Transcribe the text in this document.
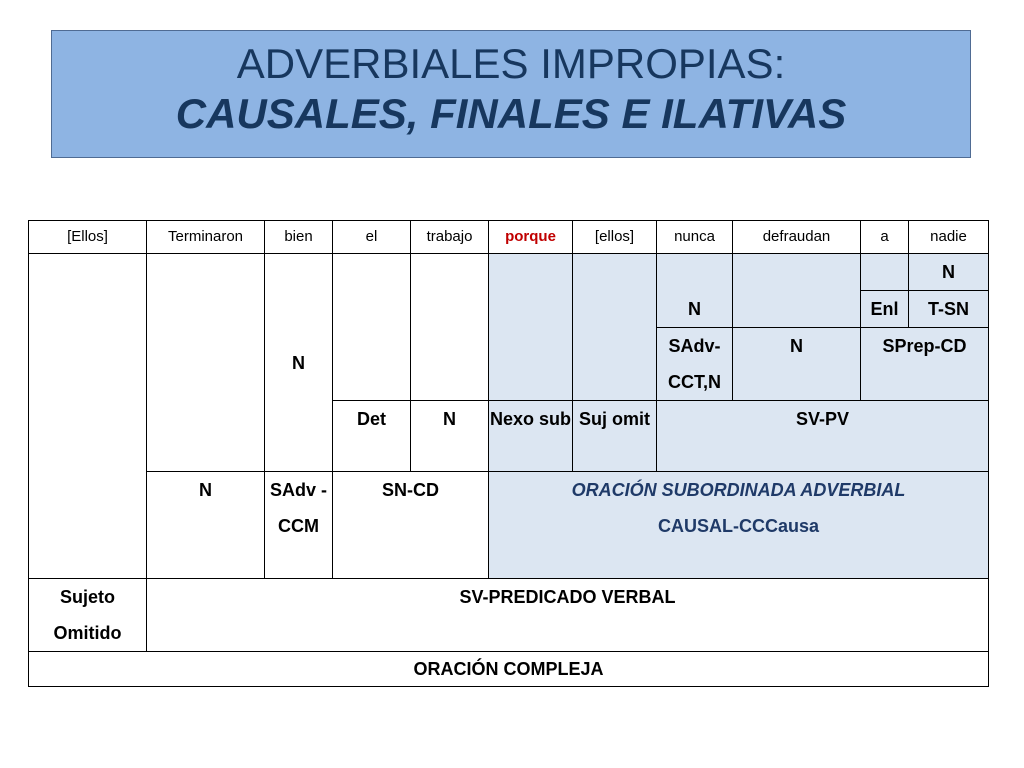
ADVERBIALES IMPROPIAS:
CAUSALES, FINALES E ILATIVAS
[Ellos]	Terminaron	bien	el	trabajo	porque	[ellos]	nunca	defraudan	a	nadie
		N					N			N
									Enl	T-SN
							SAdv-CCT,N	N	SPrep-CD	
			Det	N	Nexo sub	Suj omit	SV-PV			
	N	SAdv - CCM	SN-CD		ORACIÓN SUBORDINADA ADVERBIAL
CAUSAL-CCCausa					

Sujeto Omitido	SV-PREDICADO VERBAL									
ORACIÓN COMPLEJA										
